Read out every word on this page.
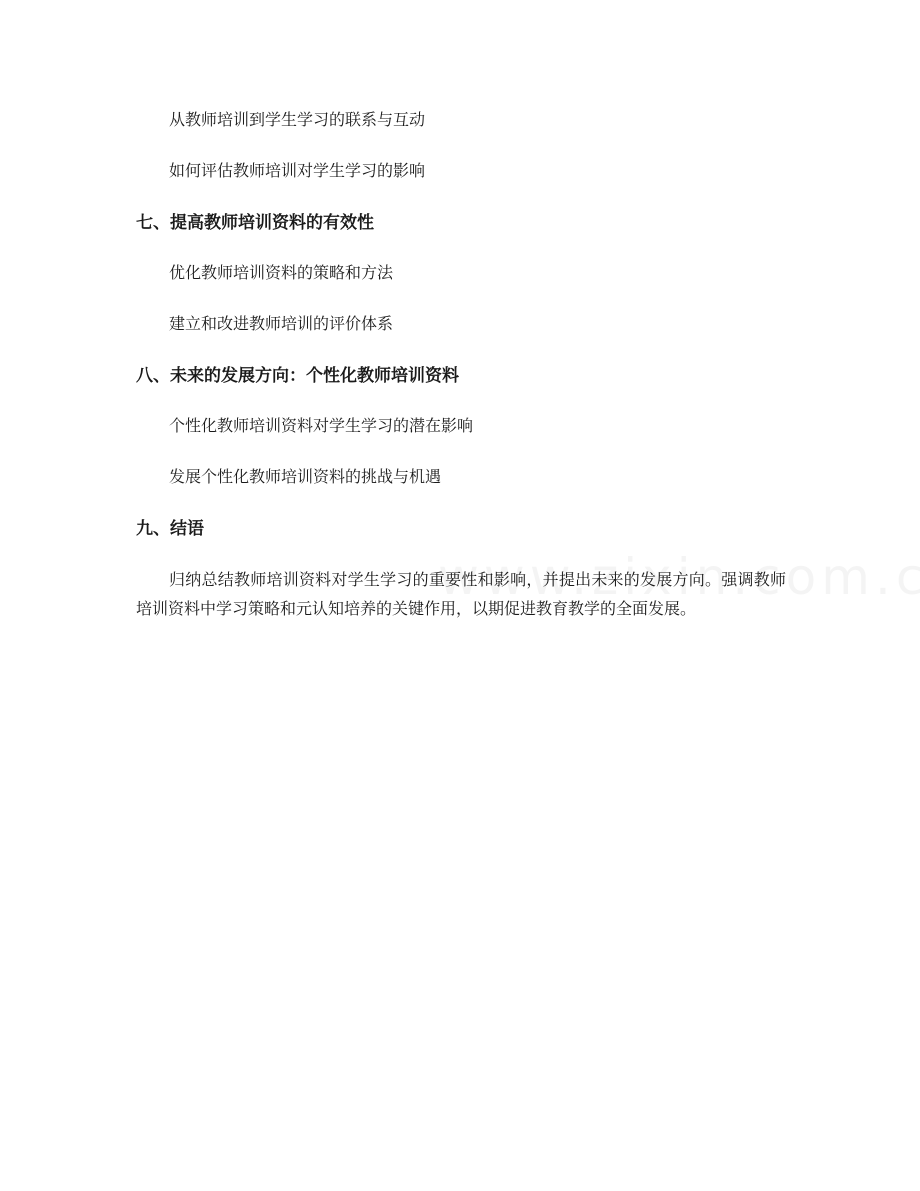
从教师培训到学生学习的联系与互动
如何评估教师培训对学生学习的影响
七、提高教师培训资料的有效性
优化教师培训资料的策略和方法
建立和改进教师培训的评价体系
八、未来的发展方向：个性化教师培训资料
个性化教师培训资料对学生学习的潜在影响
发展个性化教师培训资料的挑战与机遇
九、结语
归纳总结教师培训资料对学生学习的重要性和影响，并提出未来的发展方向。强调教师培训资料中学习策略和元认知培养的关键作用，以期促进教育教学的全面发展。
